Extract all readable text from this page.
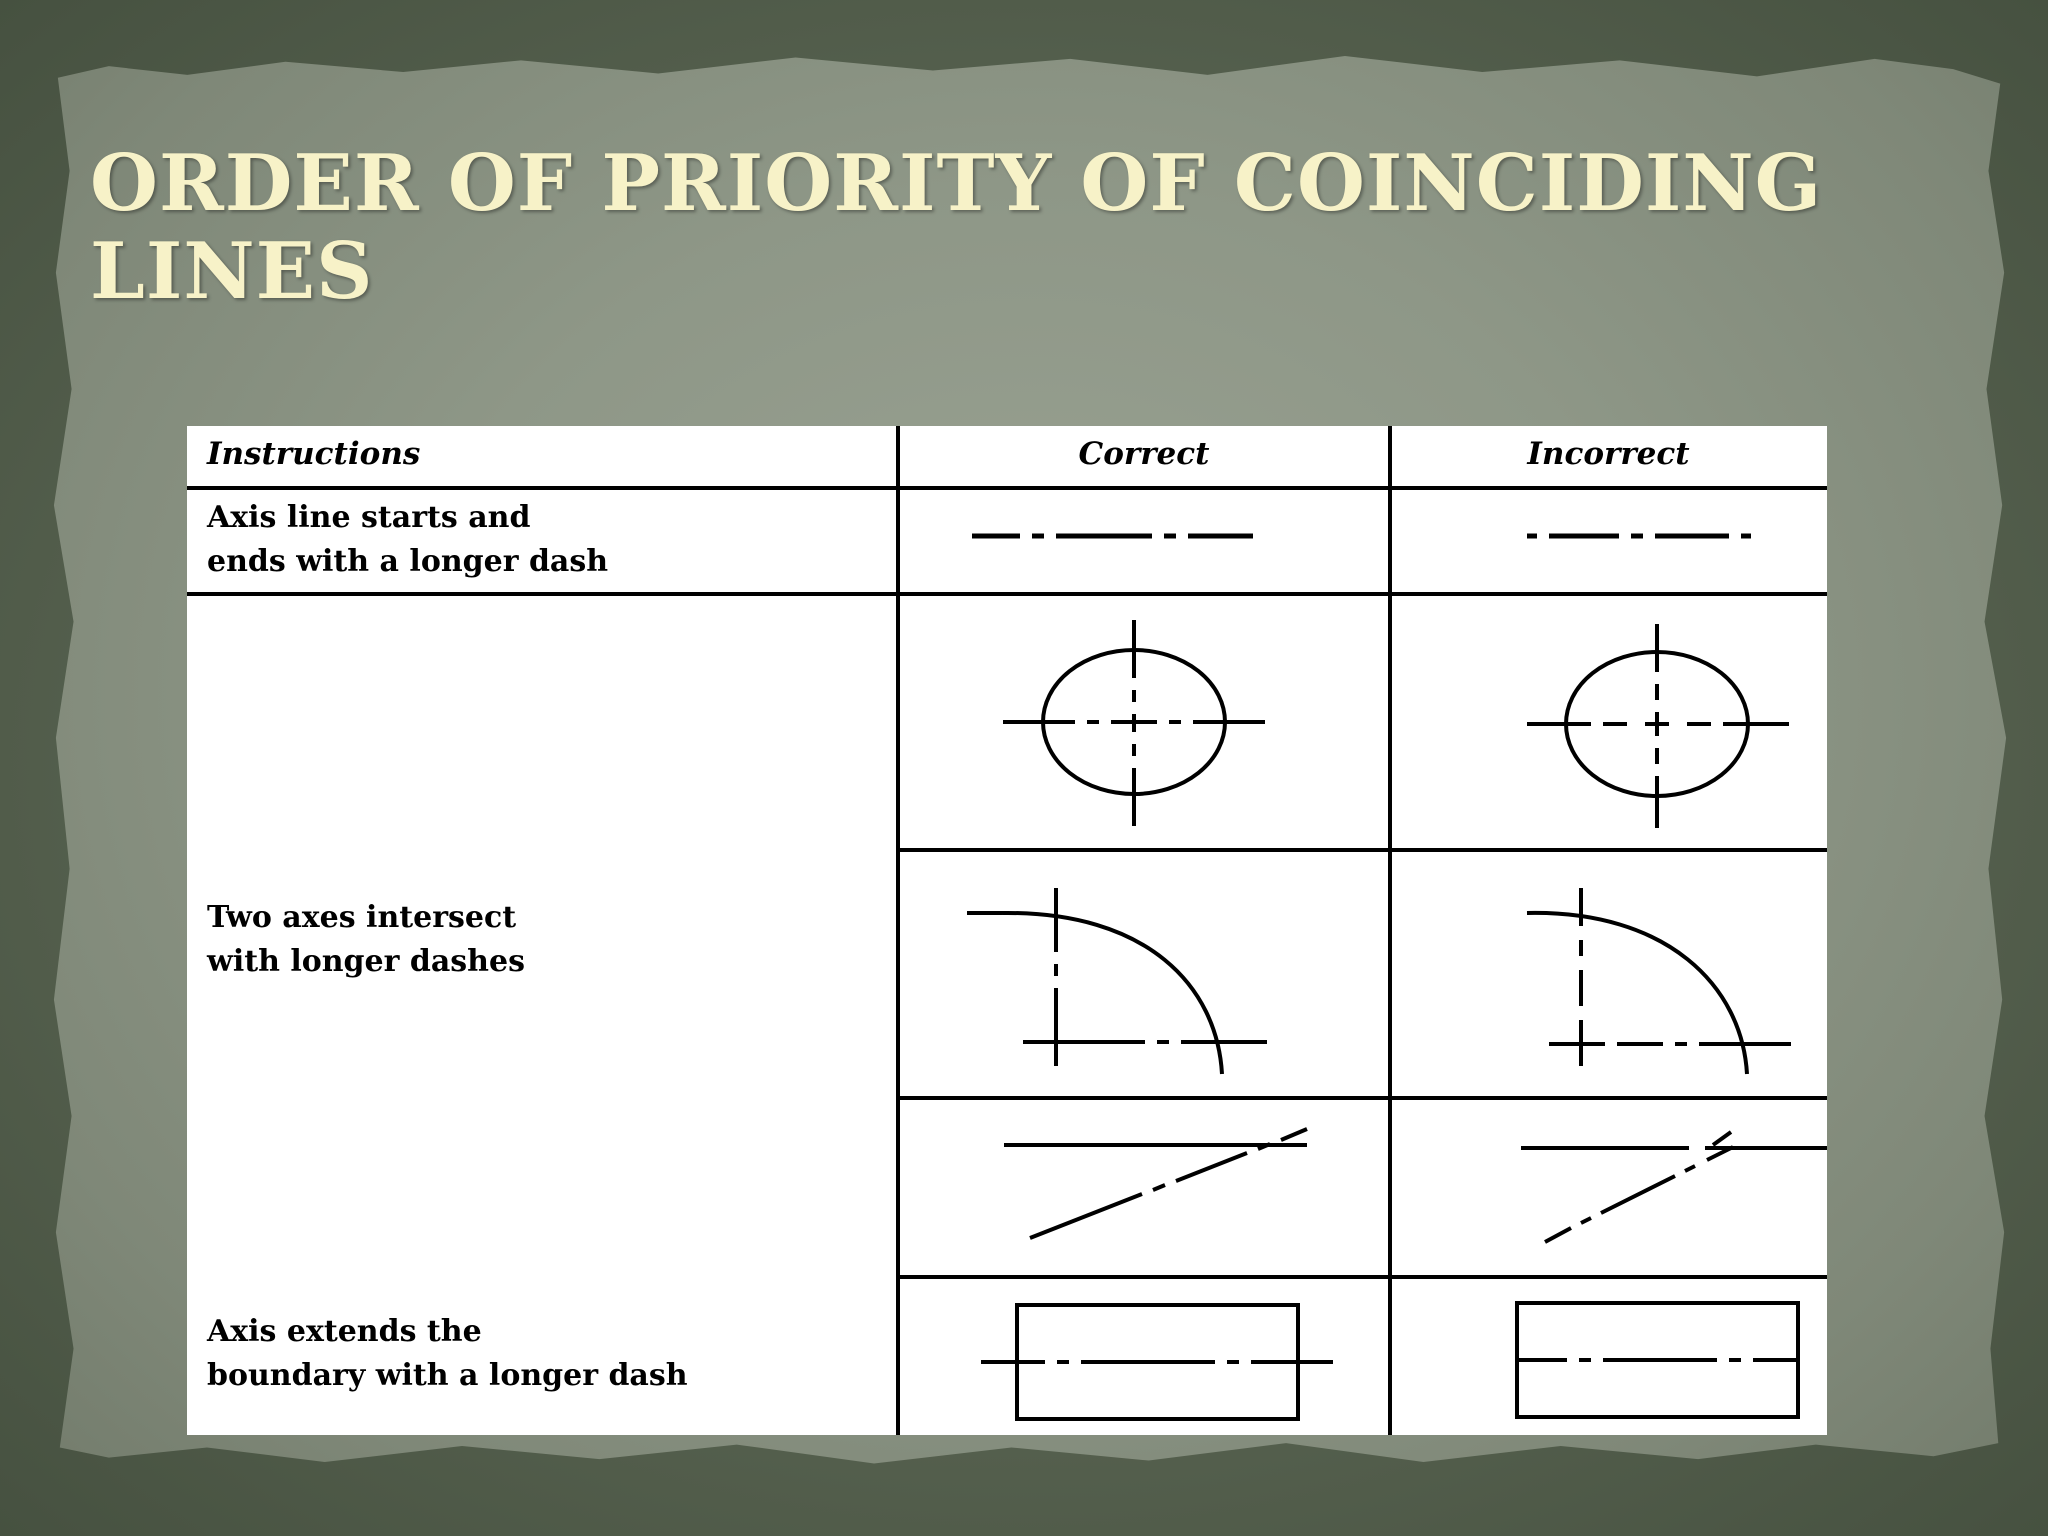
ORDER OF PRIORITY OF COINCIDING LINES
Instructions	Correct	Incorrect
Axis line starts and
ends with a longer dash
Two axes intersect
with longer dashes
Axis extends the
boundary with a longer dash
